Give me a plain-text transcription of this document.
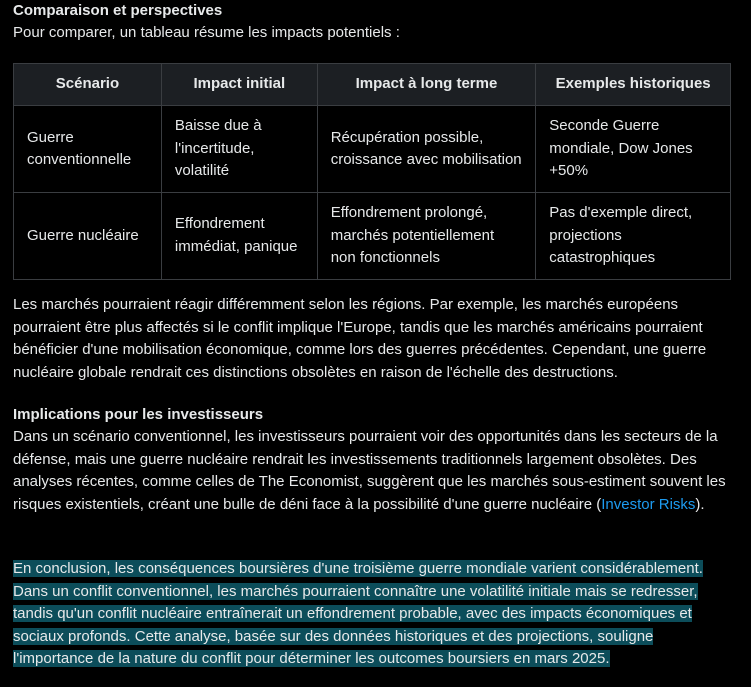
Comparaison et perspectives

Pour comparer, un tableau résume les impacts potentiels :

Scénario	Impact initial	Impact à long terme	Exemples historiques
Guerre conventionnelle	Baisse due à l'incertitude, volatilité	Récupération possible, croissance avec mobilisation	Seconde Guerre mondiale, Dow Jones +50%
Guerre nucléaire	Effondrement immédiat, panique	Effondrement prolongé, marchés potentiellement non fonctionnels	Pas d'exemple direct, projections catastrophiques

Les marchés pourraient réagir différemment selon les régions. Par exemple, les marchés européens pourraient être plus affectés si le conflit implique l'Europe, tandis que les marchés américains pourraient bénéficier d'une mobilisation économique, comme lors des guerres précédentes. Cependant, une guerre nucléaire globale rendrait ces distinctions obsolètes en raison de l'échelle des destructions.

Implications pour les investisseurs

Dans un scénario conventionnel, les investisseurs pourraient voir des opportunités dans les secteurs de la défense, mais une guerre nucléaire rendrait les investissements traditionnels largement obsolètes. Des analyses récentes, comme celles de The Economist, suggèrent que les marchés sous-estiment souvent les risques existentiels, créant une bulle de déni face à la possibilité d'une guerre nucléaire (Investor Risks).

En conclusion, les conséquences boursières d'une troisième guerre mondiale varient considérablement. Dans un conflit conventionnel, les marchés pourraient connaître une volatilité initiale mais se redresser, tandis qu'un conflit nucléaire entraînerait un effondrement probable, avec des impacts économiques et sociaux profonds. Cette analyse, basée sur des données historiques et des projections, souligne l'importance de la nature du conflit pour déterminer les outcomes boursiers en mars 2025.
